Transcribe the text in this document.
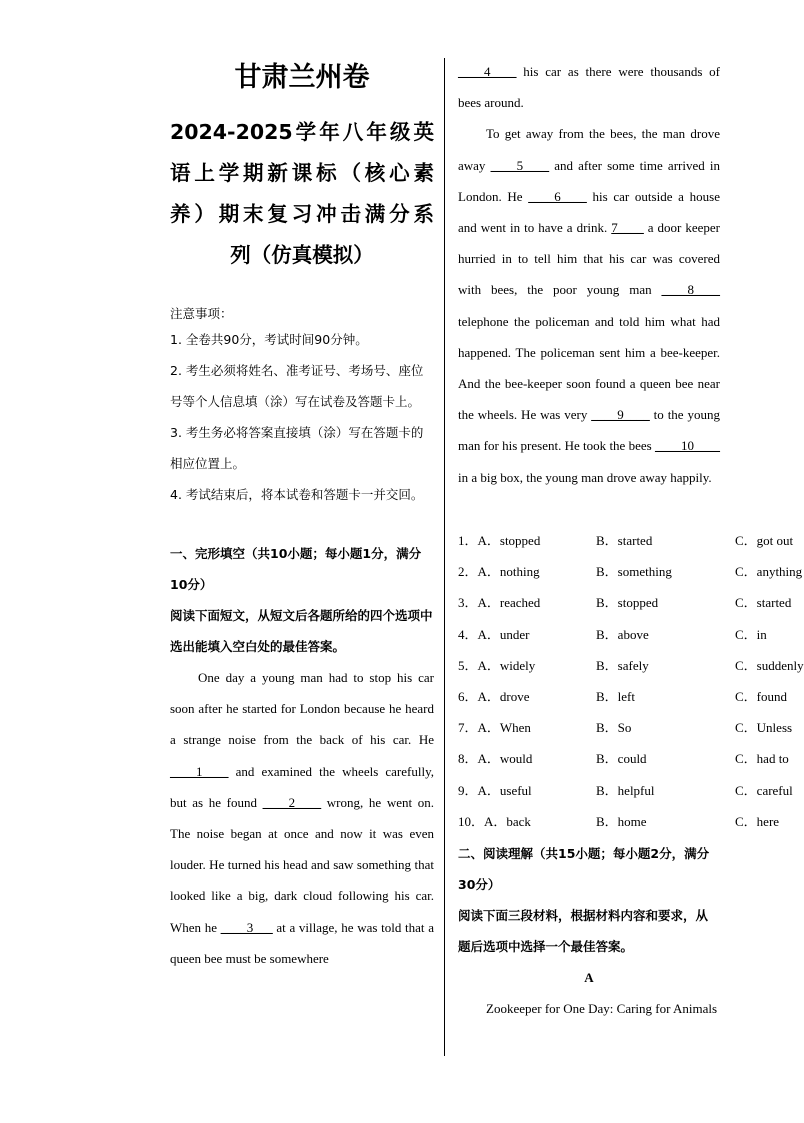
甘肃兰州卷
2024-2025学年八年级英
语上学期新课标（核心素
养）期末复习冲击满分系
列（仿真模拟）
注意事项：

1. 全卷共90分，考试时间90分钟。

2. 考生必须将姓名、准考证号、考场号、座位号等个人信息填（涂）写在试卷及答题卡上。

3. 考生务必将答案直接填（涂）写在答题卡的相应位置上。

4. 考试结束后，将本试卷和答题卡一并交回。

一、完形填空（共10小题；每小题1分，满分10分）
阅读下面短文，从短文后各题所给的四个选项中选出能填入空白处的最佳答案。

One day a young man had to stop his car soon after he started for London because he heard a strange noise from the back of his car. He ____1____ and examined the wheels carefully, but as he found ____2____ wrong, he went on. The noise began at once and now it was even louder. He turned his head and saw something that looked like a big, dark cloud following his car. When he ____3___ at a village, he was told that a queen bee must be somewhere

____4____ his car as there were thousands of bees around.

To get away from the bees, the man drove away ____5____ and after some time arrived in London. He ____6____ his car outside a house and went in to have a drink. 7____ a door keeper hurried in to tell him that his car was covered with bees, the poor young man ____8____ telephone the policeman and told him what had happened. The policeman sent him a bee-keeper. And the bee-keeper soon found a queen bee near the wheels. He was very ____9____ to the young man for his present. He took the bees ____10____ in a big box, the young man drove away happily.

1．A．stopped	B．started	C．got out
2．A．nothing	B．something	C．anything
3．A．reached	B．stopped	C．started
4．A．under	B．above	C．in
5．A．widely	B．safely	C．suddenly
6．A．drove	B．left	C．found
7．A．When	B．So	C．Unless
8．A．would	B．could	C．had to
9．A．useful	B．helpful	C．careful
10．A．back	B．home	C．here
二、阅读理解（共15小题；每小题2分，满分30分）
阅读下面三段材料，根据材料内容和要求，从题后选项中选择一个最佳答案。
A

Zookeeper for One Day: Caring for Animals
